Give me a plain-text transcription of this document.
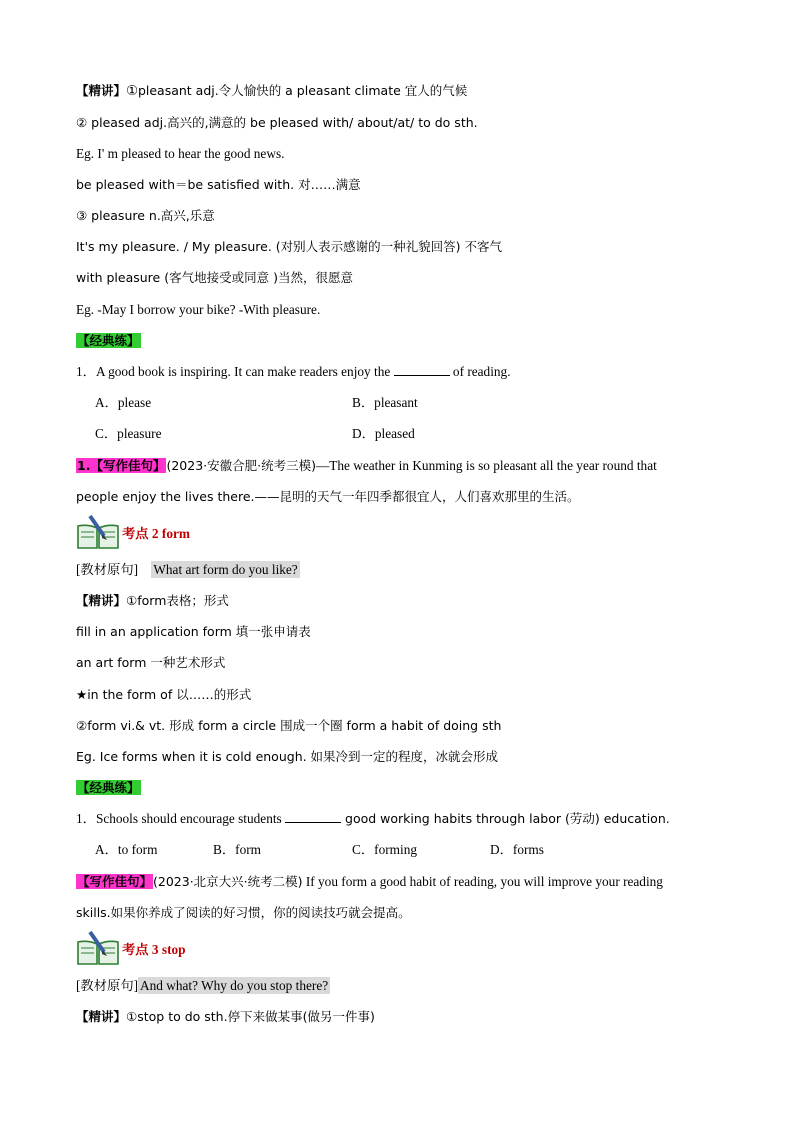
【精讲】①pleasant adj.令人愉快的 a pleasant climate 宜人的气候
② pleased adj.高兴的,满意的 be pleased with/ about/at/ to do sth.
Eg. I' m pleased to hear the good news.
be pleased with＝be satisfied with. 对……满意
③ pleasure n.高兴,乐意
It's my pleasure. / My pleasure. (对别人表示感谢的一种礼貌回答) 不客气
with pleasure (客气地接受或同意 )当然，很愿意
Eg. -May I borrow your bike? -With pleasure.
【经典练】
1．A good book is inspiring. It can make readers enjoy the	of reading.
A．please	B．pleasant
C．pleasure	D．pleased
1.【写作佳句】(2023·安徽合肥·统考三模)—The weather in Kunming is so pleasant all the year round that
people enjoy the lives there.——昆明的天气一年四季都很宜人，人们喜欢那里的生活。
考点 2 form
[教材原句] What art form do you like?
【精讲】①form表格；形式
fill in an application form 填一张申请表
an art form 一种艺术形式
★in the form of 以……的形式
②form vi.& vt. 形成 form a circle 围成一个圈 form a habit of doing sth
Eg. Ice forms when it is cold enough. 如果冷到一定的程度，冰就会形成
【经典练】
1．Schools should encourage students	good working habits through labor (劳动) education.
A．to form	B．form	C．forming	D．forms
【写作佳句】(2023·北京大兴·统考二模) If you form a good habit of reading, you will improve your reading
skills.如果你养成了阅读的好习惯，你的阅读技巧就会提高。
考点 3 stop
[教材原句] And what? Why do you stop there?
【精讲】①stop to do sth.停下来做某事(做另一件事)
